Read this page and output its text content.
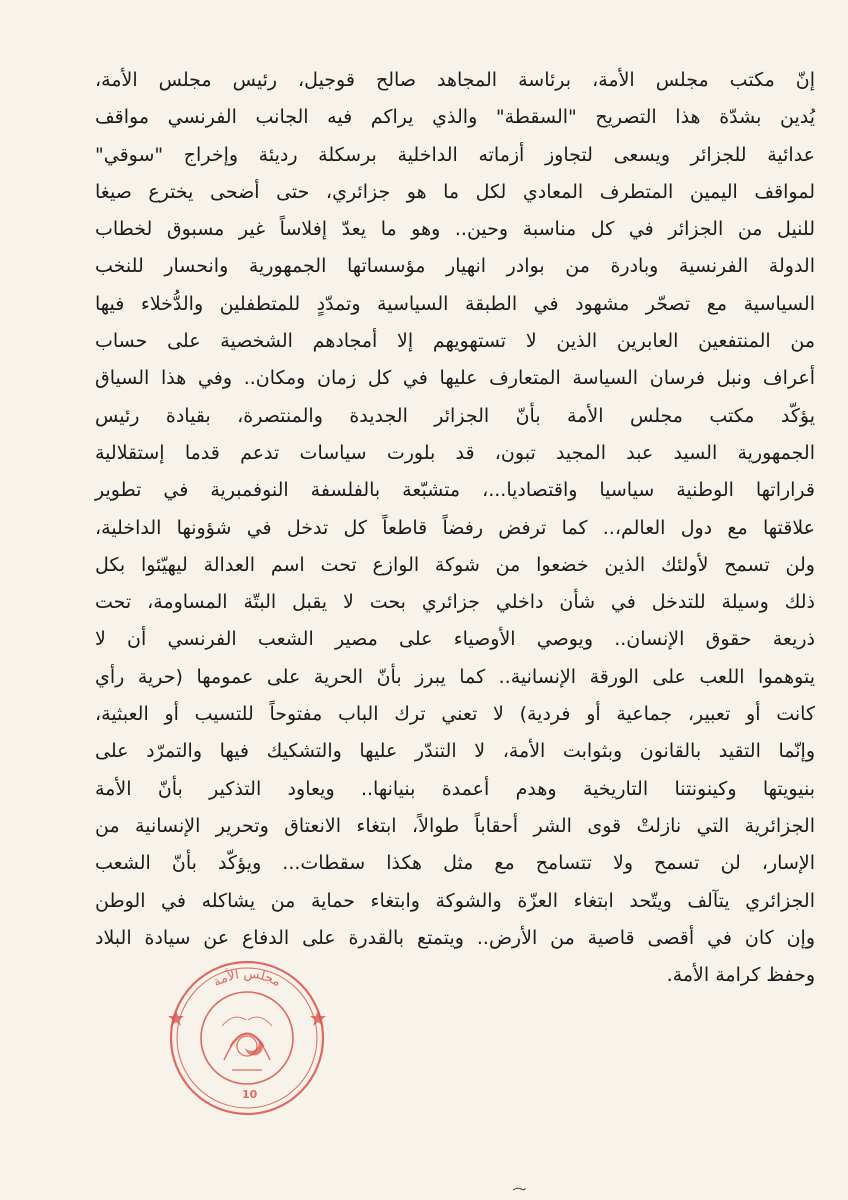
إنّ مكتب مجلس الأمة، برئاسة المجاهد صالح قوجيل، رئيس مجلس الأمة،
يُدين بشدّة هذا التصريح "السقطة" والذي يراكم فيه الجانب الفرنسي مواقف
عدائية للجزائر ويسعى لتجاوز أزماته الداخلية برسكلة رديئة وإخراج "سوقي"
لمواقف اليمين المتطرف المعادي لكل ما هو جزائري، حتى أضحى يخترع صيغا
للنيل من الجزائر في كل مناسبة وحين.. وهو ما يعدّ إفلاساً غير مسبوق لخطاب
الدولة الفرنسية وبادرة من بوادر انهيار مؤسساتها الجمهورية وانحسار للنخب
السياسية مع تصحّر مشهود في الطبقة السياسية وتمدّدٍ للمتطفلين والدُّخلاء فيها
من المنتفعين العابرين الذين لا تستهويهم إلا أمجادهم الشخصية على حساب
أعراف ونبل فرسان السياسة المتعارف عليها في كل زمان ومكان.. وفي هذا السياق
يؤكّد مكتب مجلس الأمة بأنّ الجزائر الجديدة والمنتصرة، بقيادة رئيس
الجمهورية السيد عبد المجيد تبون، قد بلورت سياسات تدعم قدما إستقلالية
قراراتها الوطنية سياسيا واقتصاديا...، متشبّعة بالفلسفة النوفمبرية في تطوير
علاقتها مع دول العالم،.. كما ترفض رفضاً قاطعاً كل تدخل في شؤونها الداخلية،
ولن تسمح لأولئك الذين خضعوا من شوكة الوازع تحت اسم العدالة ليهيّئوا بكل
ذلك وسيلة للتدخل في شأن داخلي جزائري بحت لا يقبل البتّة المساومة، تحت
ذريعة حقوق الإنسان.. ويوصي الأوصياء على مصير الشعب الفرنسي أن لا
يتوهموا اللعب على الورقة الإنسانية.. كما يبرز بأنّ الحرية على عمومها (حرية رأي
كانت أو تعبير، جماعية أو فردية) لا تعني ترك الباب مفتوحاً للتسيب أو العبثية،
وإنّما التقيد بالقانون وبثوابت الأمة، لا التندّر عليها والتشكيك فيها والتمرّد على
بنيويتها وكينونتنا التاريخية وهدم أعمدة بنيانها.. ويعاود التذكير بأنّ الأمة
الجزائرية التي نازلتْ قوى الشر أحقاباً طوالاً، ابتغاء الانعتاق وتحرير الإنسانية من
الإسار، لن تسمح ولا تتسامح مع مثل هكذا سقطات... ويؤكّد بأنّ الشعب
الجزائري يتآلف ويتّحد ابتغاء العزّة والشوكة وابتغاء حماية من يشاكله في الوطن
وإن كان في أقصى قاصية من الأرض.. ويتمتع بالقدرة على الدفاع عن سيادة البلاد
وحفظ كرامة الأمة.
مجلس الأمة
10
